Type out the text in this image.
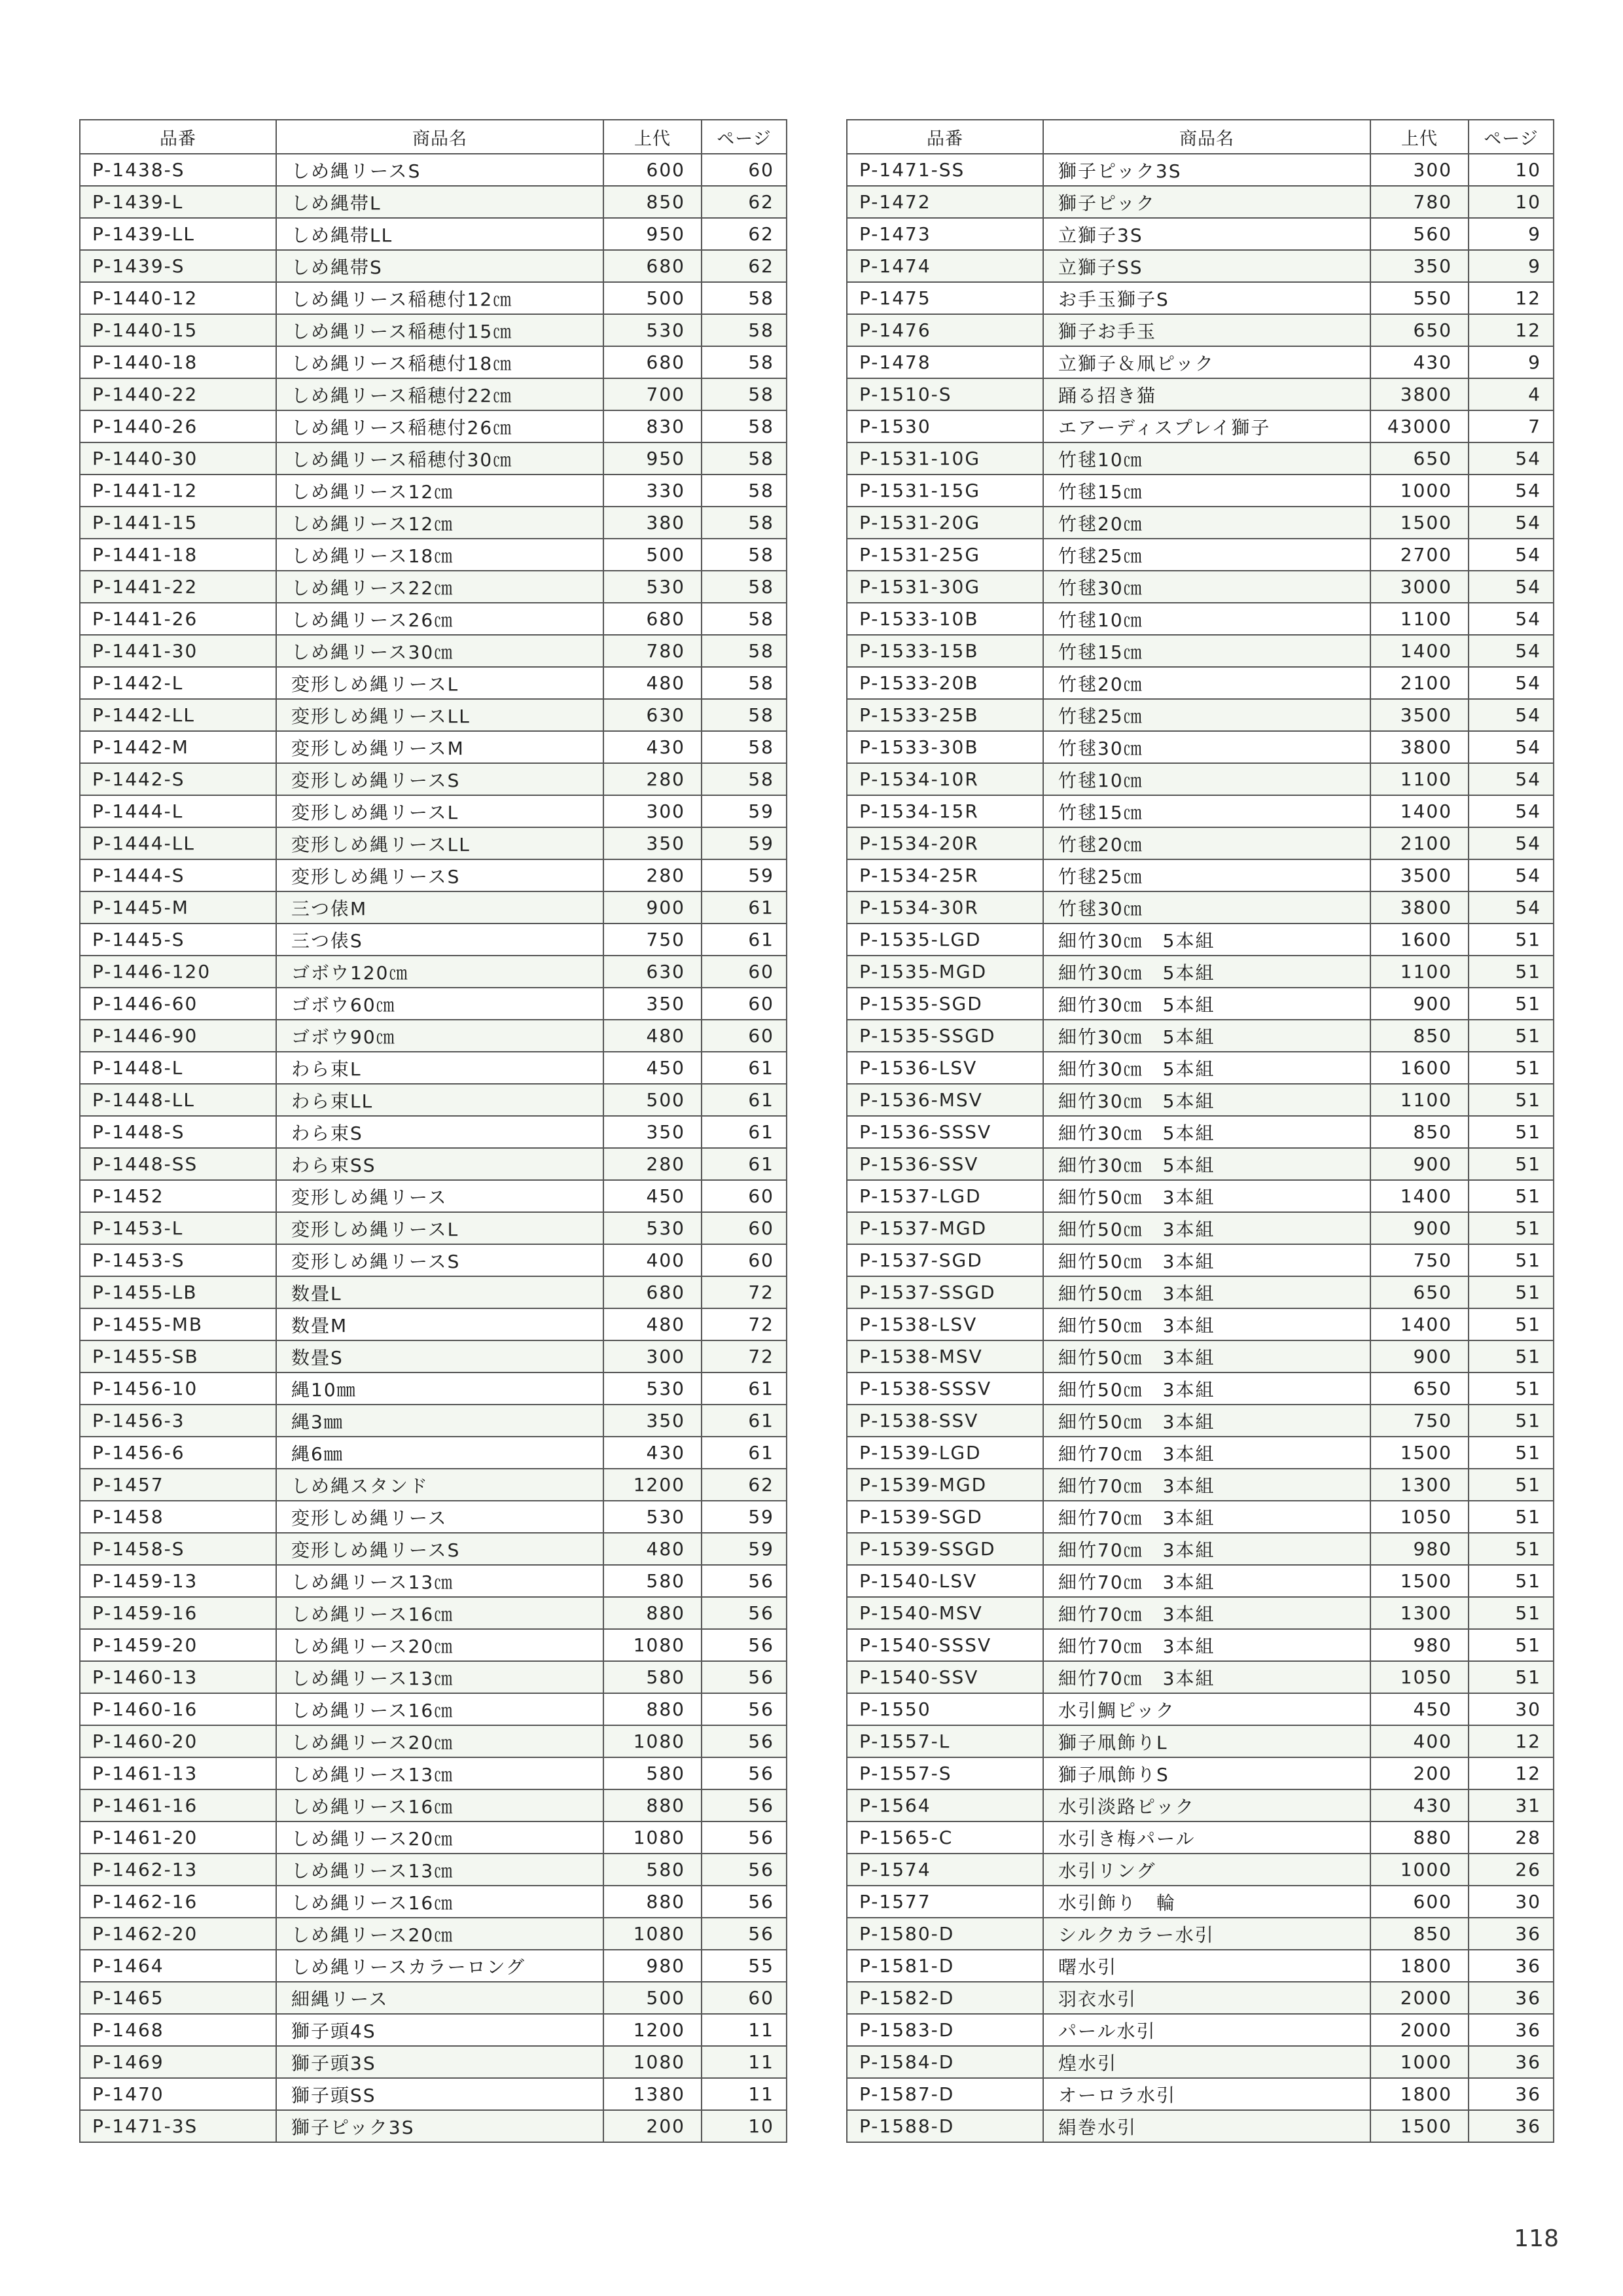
品番	商品名	上代	ページ
P-1438-S	しめ縄リースS	600	60
P-1439-L	しめ縄帯L	850	62
P-1439-LL	しめ縄帯LL	950	62
P-1439-S	しめ縄帯S	680	62
P-1440-12	しめ縄リース稲穂付12㎝	500	58
P-1440-15	しめ縄リース稲穂付15㎝	530	58
P-1440-18	しめ縄リース稲穂付18㎝	680	58
P-1440-22	しめ縄リース稲穂付22㎝	700	58
P-1440-26	しめ縄リース稲穂付26㎝	830	58
P-1440-30	しめ縄リース稲穂付30㎝	950	58
P-1441-12	しめ縄リース12㎝	330	58
P-1441-15	しめ縄リース12㎝	380	58
P-1441-18	しめ縄リース18㎝	500	58
P-1441-22	しめ縄リース22㎝	530	58
P-1441-26	しめ縄リース26㎝	680	58
P-1441-30	しめ縄リース30㎝	780	58
P-1442-L	変形しめ縄リースL	480	58
P-1442-LL	変形しめ縄リースLL	630	58
P-1442-M	変形しめ縄リースM	430	58
P-1442-S	変形しめ縄リースS	280	58
P-1444-L	変形しめ縄リースL	300	59
P-1444-LL	変形しめ縄リースLL	350	59
P-1444-S	変形しめ縄リースS	280	59
P-1445-M	三つ俵M	900	61
P-1445-S	三つ俵S	750	61
P-1446-120	ゴボウ120㎝	630	60
P-1446-60	ゴボウ60㎝	350	60
P-1446-90	ゴボウ90㎝	480	60
P-1448-L	わら束L	450	61
P-1448-LL	わら束LL	500	61
P-1448-S	わら束S	350	61
P-1448-SS	わら束SS	280	61
P-1452	変形しめ縄リース	450	60
P-1453-L	変形しめ縄リースL	530	60
P-1453-S	変形しめ縄リースS	400	60
P-1455-LB	数畳L	680	72
P-1455-MB	数畳M	480	72
P-1455-SB	数畳S	300	72
P-1456-10	縄10㎜	530	61
P-1456-3	縄3㎜	350	61
P-1456-6	縄6㎜	430	61
P-1457	しめ縄スタンド	1200	62
P-1458	変形しめ縄リース	530	59
P-1458-S	変形しめ縄リースS	480	59
P-1459-13	しめ縄リース13㎝	580	56
P-1459-16	しめ縄リース16㎝	880	56
P-1459-20	しめ縄リース20㎝	1080	56
P-1460-13	しめ縄リース13㎝	580	56
P-1460-16	しめ縄リース16㎝	880	56
P-1460-20	しめ縄リース20㎝	1080	56
P-1461-13	しめ縄リース13㎝	580	56
P-1461-16	しめ縄リース16㎝	880	56
P-1461-20	しめ縄リース20㎝	1080	56
P-1462-13	しめ縄リース13㎝	580	56
P-1462-16	しめ縄リース16㎝	880	56
P-1462-20	しめ縄リース20㎝	1080	56
P-1464	しめ縄リースカラーロング	980	55
P-1465	細縄リース	500	60
P-1468	獅子頭4S	1200	11
P-1469	獅子頭3S	1080	11
P-1470	獅子頭SS	1380	11
P-1471-3S	獅子ピック3S	200	10
品番	商品名	上代	ページ
P-1471-SS	獅子ピック3S	300	10
P-1472	獅子ピック	780	10
P-1473	立獅子3S	560	9
P-1474	立獅子SS	350	9
P-1475	お手玉獅子S	550	12
P-1476	獅子お手玉	650	12
P-1478	立獅子＆凧ピック	430	9
P-1510-S	踊る招き猫	3800	4
P-1530	エアーディスプレイ獅子	43000	7
P-1531-10G	竹毬10㎝	650	54
P-1531-15G	竹毬15㎝	1000	54
P-1531-20G	竹毬20㎝	1500	54
P-1531-25G	竹毬25㎝	2700	54
P-1531-30G	竹毬30㎝	3000	54
P-1533-10B	竹毬10㎝	1100	54
P-1533-15B	竹毬15㎝	1400	54
P-1533-20B	竹毬20㎝	2100	54
P-1533-25B	竹毬25㎝	3500	54
P-1533-30B	竹毬30㎝	3800	54
P-1534-10R	竹毬10㎝	1100	54
P-1534-15R	竹毬15㎝	1400	54
P-1534-20R	竹毬20㎝	2100	54
P-1534-25R	竹毬25㎝	3500	54
P-1534-30R	竹毬30㎝	3800	54
P-1535-LGD	細竹30㎝　5本組	1600	51
P-1535-MGD	細竹30㎝　5本組	1100	51
P-1535-SGD	細竹30㎝　5本組	900	51
P-1535-SSGD	細竹30㎝　5本組	850	51
P-1536-LSV	細竹30㎝　5本組	1600	51
P-1536-MSV	細竹30㎝　5本組	1100	51
P-1536-SSSV	細竹30㎝　5本組	850	51
P-1536-SSV	細竹30㎝　5本組	900	51
P-1537-LGD	細竹50㎝　3本組	1400	51
P-1537-MGD	細竹50㎝　3本組	900	51
P-1537-SGD	細竹50㎝　3本組	750	51
P-1537-SSGD	細竹50㎝　3本組	650	51
P-1538-LSV	細竹50㎝　3本組	1400	51
P-1538-MSV	細竹50㎝　3本組	900	51
P-1538-SSSV	細竹50㎝　3本組	650	51
P-1538-SSV	細竹50㎝　3本組	750	51
P-1539-LGD	細竹70㎝　3本組	1500	51
P-1539-MGD	細竹70㎝　3本組	1300	51
P-1539-SGD	細竹70㎝　3本組	1050	51
P-1539-SSGD	細竹70㎝　3本組	980	51
P-1540-LSV	細竹70㎝　3本組	1500	51
P-1540-MSV	細竹70㎝　3本組	1300	51
P-1540-SSSV	細竹70㎝　3本組	980	51
P-1540-SSV	細竹70㎝　3本組	1050	51
P-1550	水引鯛ピック	450	30
P-1557-L	獅子凧飾りL	400	12
P-1557-S	獅子凧飾りS	200	12
P-1564	水引淡路ピック	430	31
P-1565-C	水引き梅パール	880	28
P-1574	水引リング	1000	26
P-1577	水引飾り　輪	600	30
P-1580-D	シルクカラー水引	850	36
P-1581-D	曙水引	1800	36
P-1582-D	羽衣水引	2000	36
P-1583-D	パール水引	2000	36
P-1584-D	煌水引	1000	36
P-1587-D	オーロラ水引	1800	36
P-1588-D	絹巻水引	1500	36
118
